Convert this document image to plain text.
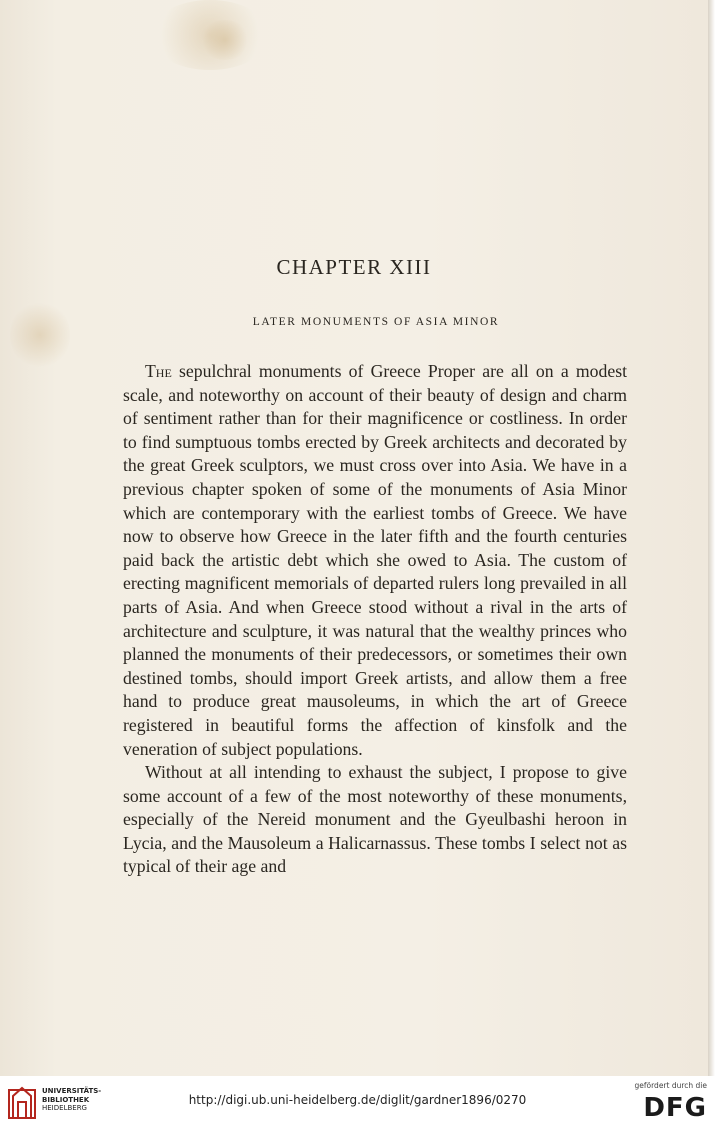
CHAPTER XIII
LATER MONUMENTS OF ASIA MINOR

The sepulchral monuments of Greece Proper are all on a modest scale, and noteworthy on account of their beauty of design and charm of sentiment rather than for their magnificence or costliness. In order to find sumptuous tombs erected by Greek architects and decorated by the great Greek sculptors, we must cross over into Asia. We have in a previous chapter spoken of some of the monuments of Asia Minor which are contemporary with the earliest tombs of Greece. We have now to observe how Greece in the later fifth and the fourth centuries paid back the artistic debt which she owed to Asia. The custom of erecting magnificent memorials of departed rulers long prevailed in all parts of Asia. And when Greece stood without a rival in the arts of architecture and sculpture, it was natural that the wealthy princes who planned the monuments of their predecessors, or sometimes their own destined tombs, should import Greek artists, and allow them a free hand to produce great mausoleums, in which the art of Greece registered in beautiful forms the affection of kinsfolk and the veneration of subject populations.

Without at all intending to exhaust the subject, I propose to give some account of a few of the most noteworthy of these monuments, especially of the Nereid monument and the Gyeulbashi heroon in Lycia, and the Mausoleum a Halicarnassus. These tombs I select not as typical of their age and

UNIVERSITÄTS-
BIBLIOTHEK
HEIDELBERG
http://digi.ub.uni-heidelberg.de/diglit/gardner1896/0270
gefördert durch die
DFG
